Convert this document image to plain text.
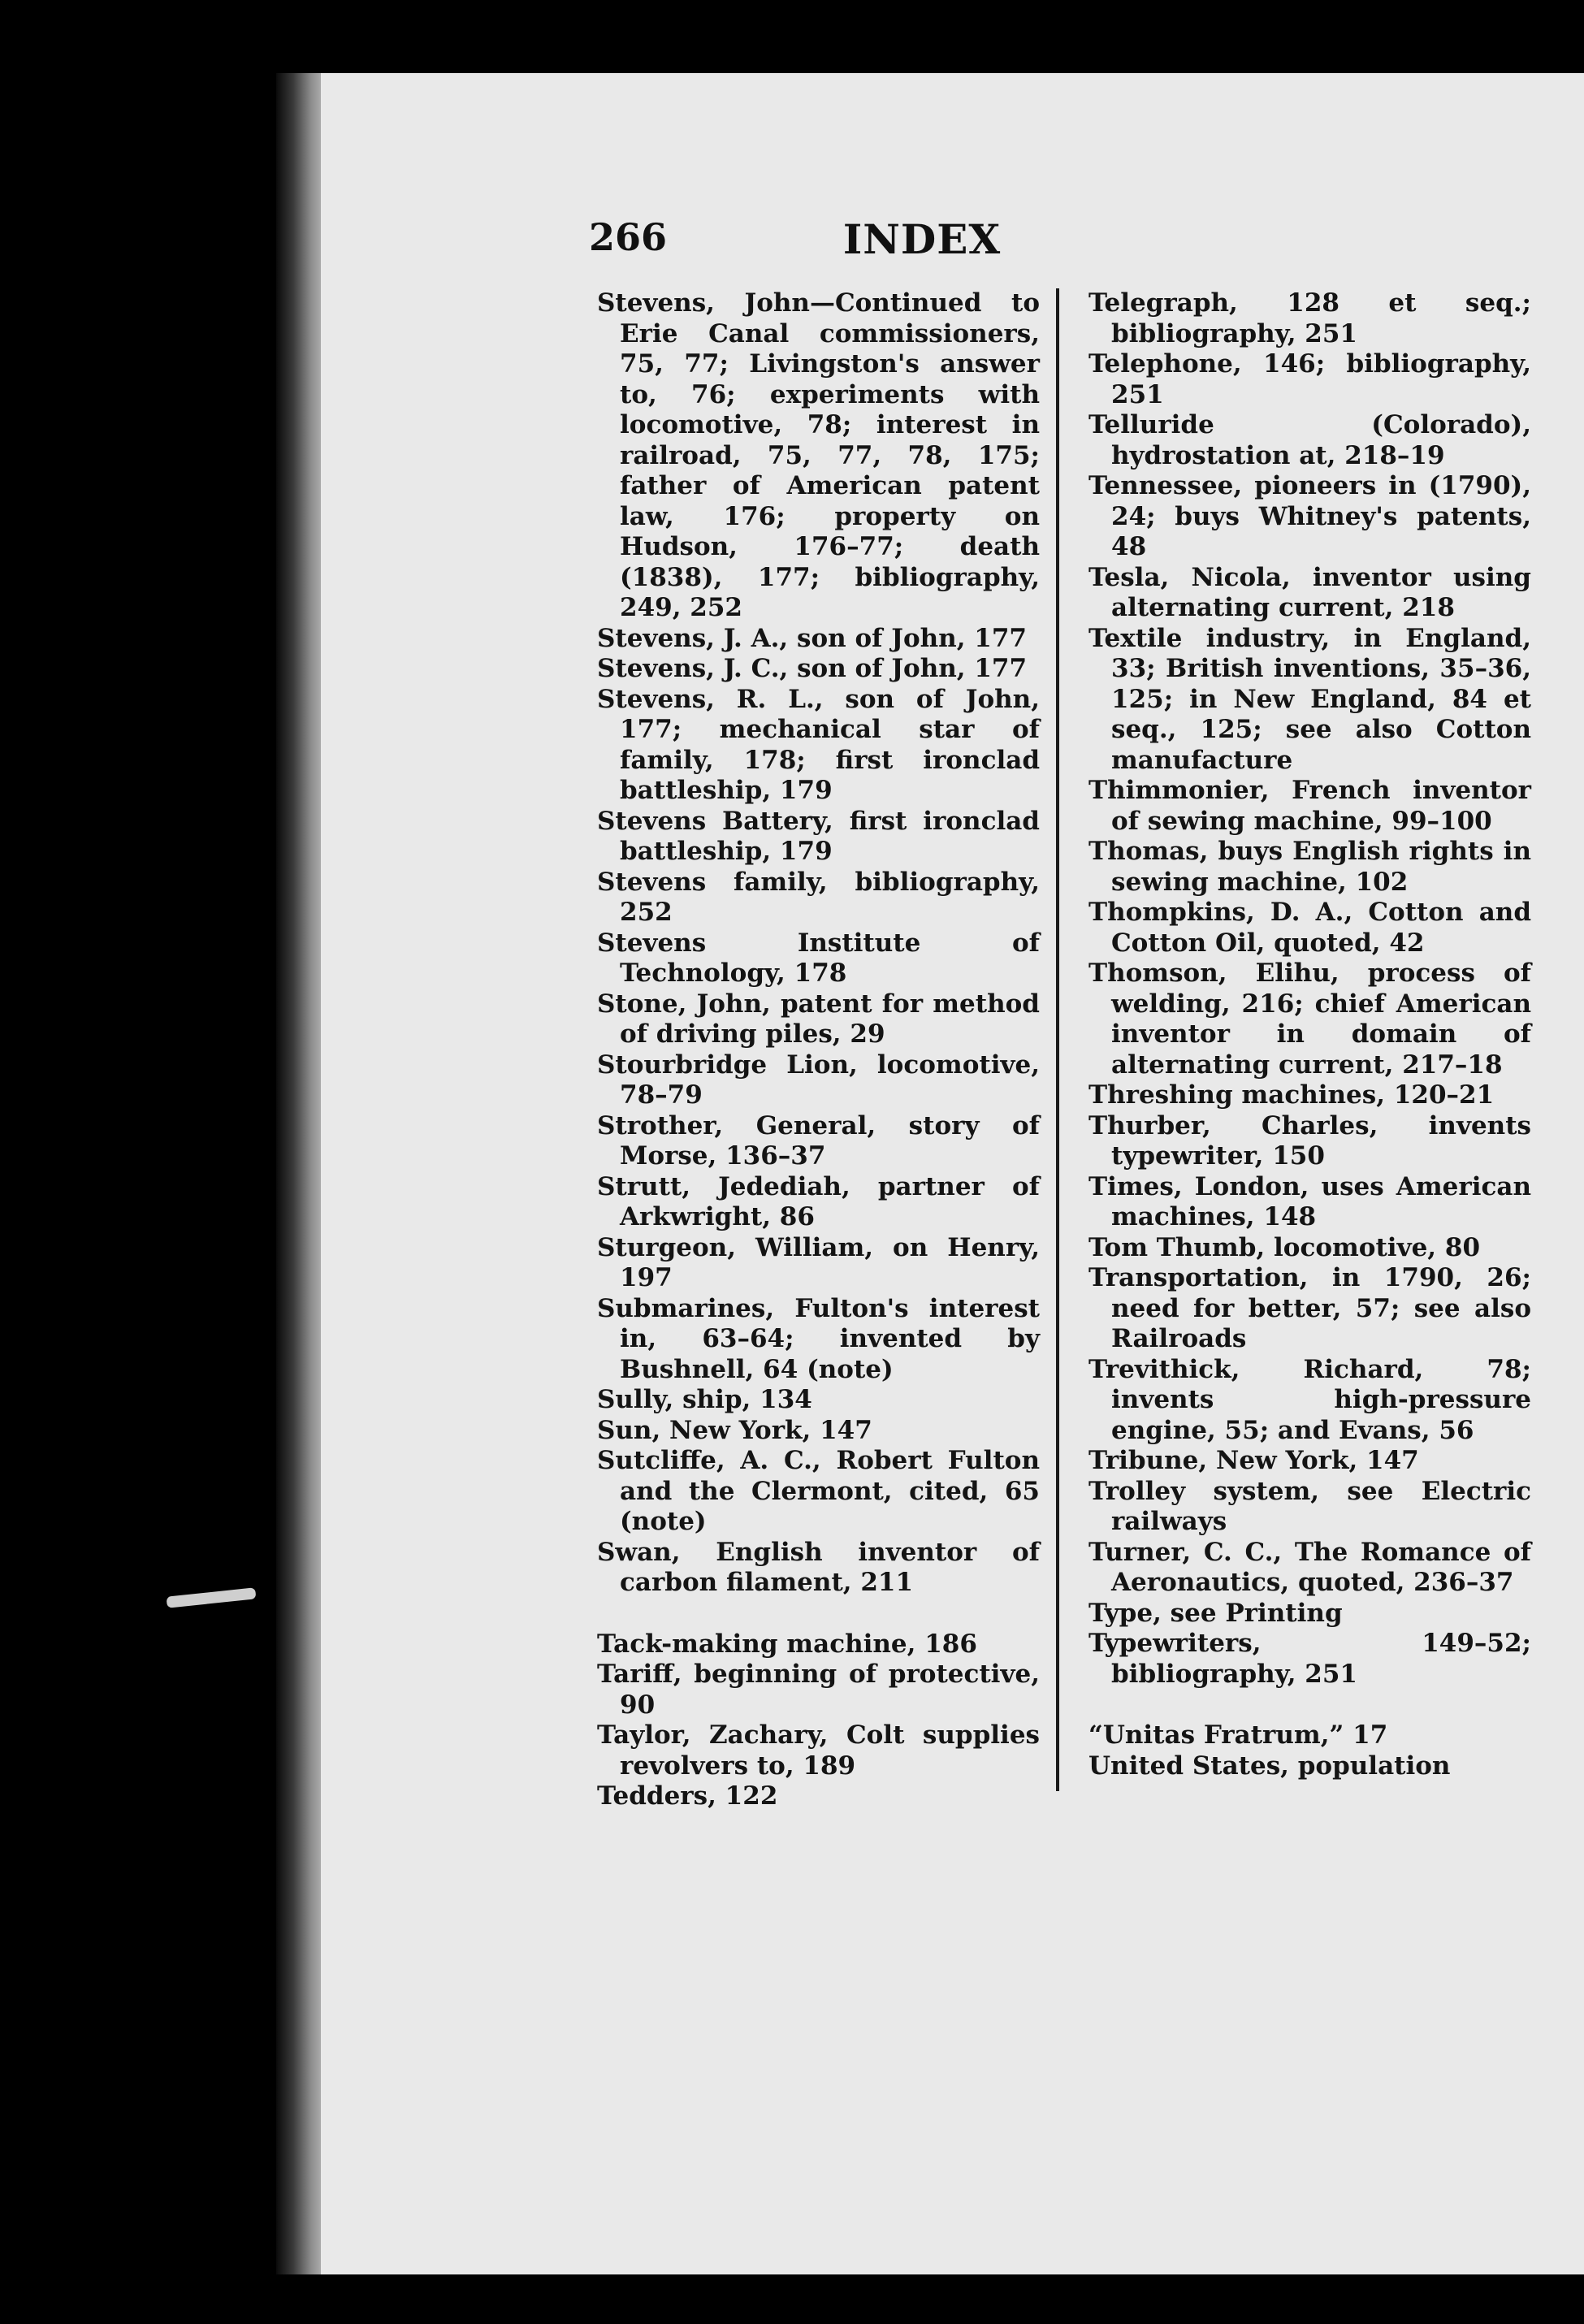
266	INDEX
Stevens, John—Continued to Erie Canal commissioners, 75, 77; Livingston's answer to, 76; experiments with locomotive, 78; interest in railroad, 75, 77, 78, 175; father of American patent law, 176; property on Hudson, 176–77; death (1838), 177; bibliography, 249, 252
Stevens, J. A., son of John, 177
Stevens, J. C., son of John, 177
Stevens, R. L., son of John, 177; mechanical star of family, 178; first ironclad battleship, 179
Stevens Battery, first ironclad battleship, 179
Stevens family, bibliography, 252
Stevens Institute of Technology, 178
Stone, John, patent for method of driving piles, 29
Stourbridge Lion, locomotive, 78–79
Strother, General, story of Morse, 136–37
Strutt, Jedediah, partner of Arkwright, 86
Sturgeon, William, on Henry, 197
Submarines, Fulton's interest in, 63–64; invented by Bushnell, 64 (note)
Sully, ship, 134
Sun, New York, 147
Sutcliffe, A. C., Robert Fulton and the Clermont, cited, 65 (note)
Swan, English inventor of carbon filament, 211
Tack-making machine, 186
Tariff, beginning of protective, 90
Taylor, Zachary, Colt supplies revolvers to, 189
Tedders, 122
Telegraph, 128 et seq.; bibliography, 251
Telephone, 146; bibliography, 251
Telluride (Colorado), hydrostation at, 218–19
Tennessee, pioneers in (1790), 24; buys Whitney's patents, 48
Tesla, Nicola, inventor using alternating current, 218
Textile industry, in England, 33; British inventions, 35–36, 125; in New England, 84 et seq., 125; see also Cotton manufacture
Thimmonier, French inventor of sewing machine, 99–100
Thomas, buys English rights in sewing machine, 102
Thompkins, D. A., Cotton and Cotton Oil, quoted, 42
Thomson, Elihu, process of welding, 216; chief American inventor in domain of alternating current, 217–18
Threshing machines, 120–21
Thurber, Charles, invents typewriter, 150
Times, London, uses American machines, 148
Tom Thumb, locomotive, 80
Transportation, in 1790, 26; need for better, 57; see also Railroads
Trevithick, Richard, 78; invents high-pressure engine, 55; and Evans, 56
Tribune, New York, 147
Trolley system, see Electric railways
Turner, C. C., The Romance of Aeronautics, quoted, 236–37
Type, see Printing
Typewriters, 149–52; bibliography, 251
“Unitas Fratrum,” 17
United States, population
